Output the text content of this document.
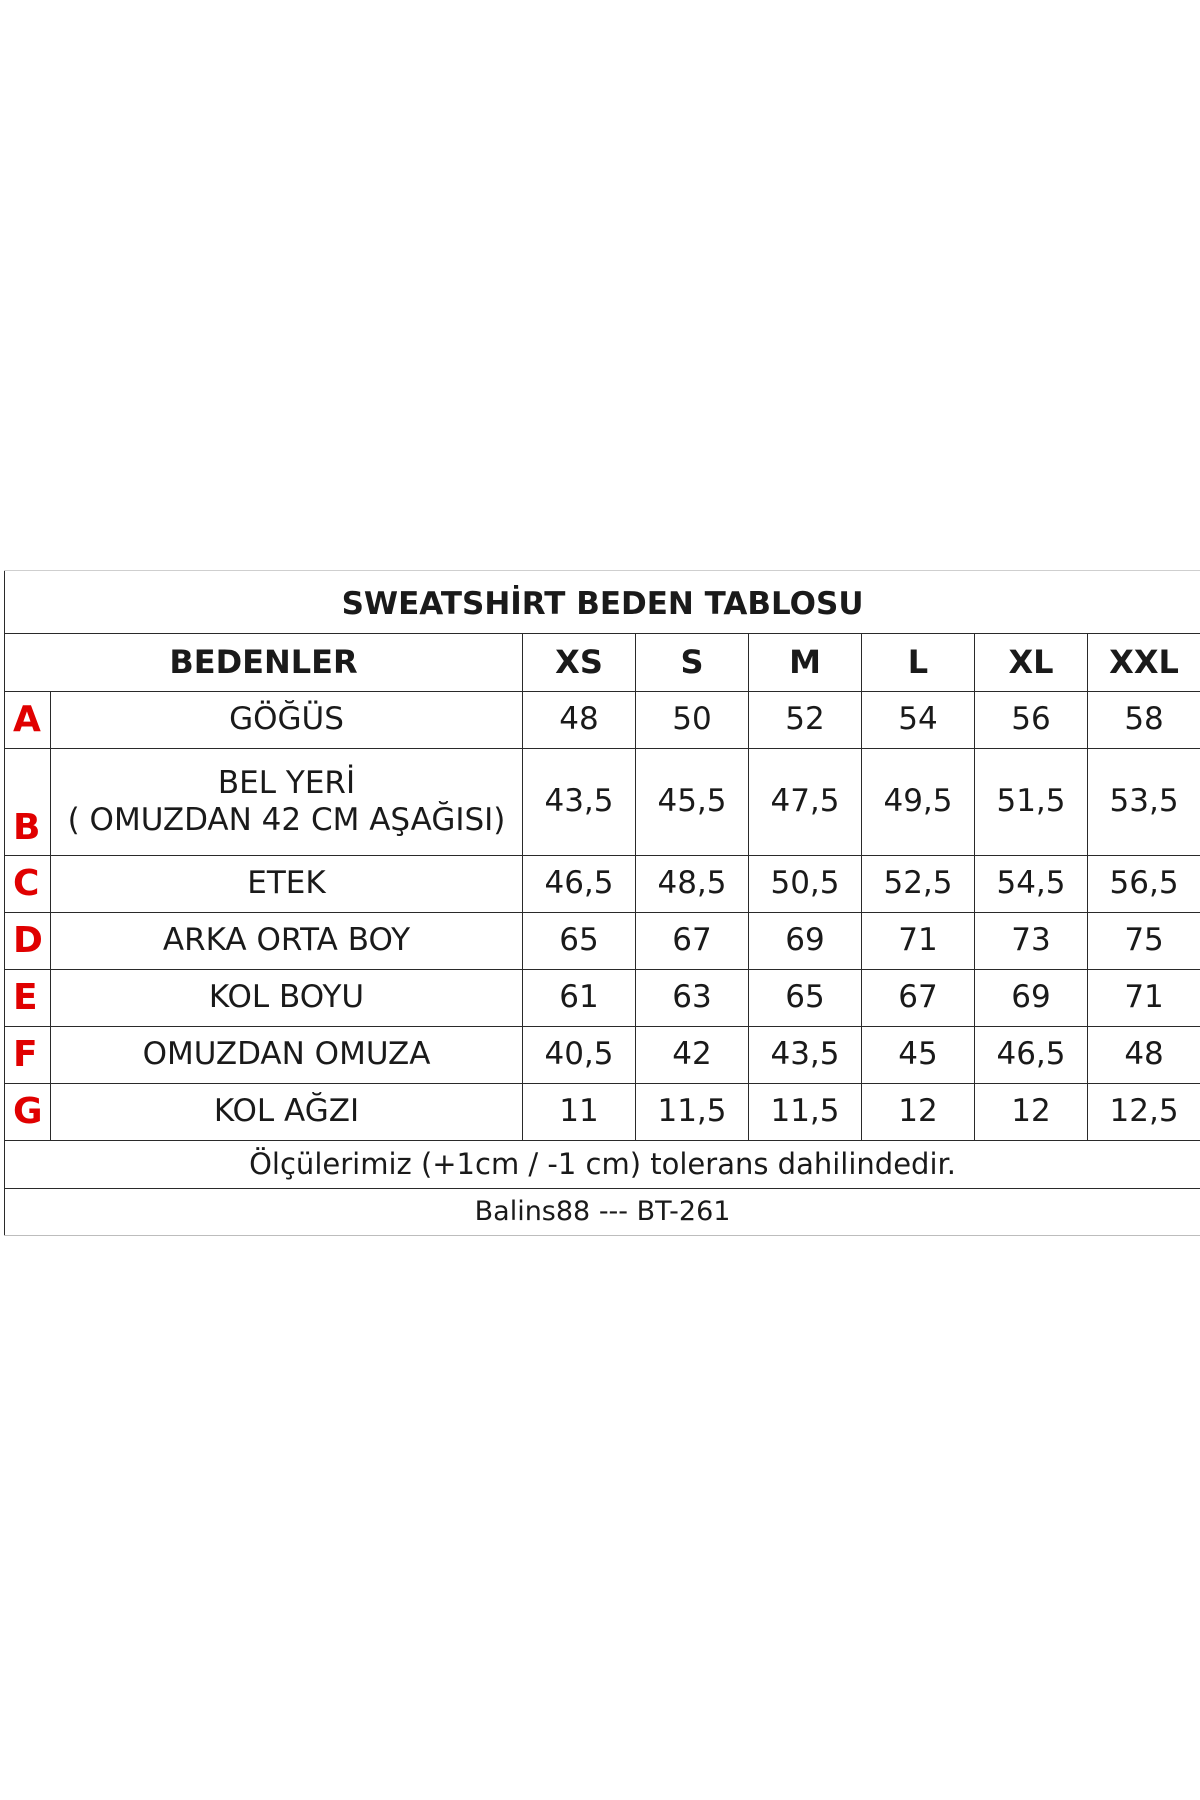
SWEATSHİRT BEDEN TABLOSU							
BEDENLER		XS	S	M	L	XL	XXL
A	GÖĞÜS	48	50	52	54	56	58
B	BEL YERİ
( OMUZDAN 42 CM AŞAĞISI)	43,5	45,5	47,5	49,5	51,5	53,5
C	ETEK	46,5	48,5	50,5	52,5	54,5	56,5
D	ARKA ORTA BOY	65	67	69	71	73	75
E	KOL BOYU	61	63	65	67	69	71
F	OMUZDAN OMUZA	40,5	42	43,5	45	46,5	48
G	KOL AĞZI	11	11,5	11,5	12	12	12,5
Ölçülerimiz (+1cm / -1 cm) tolerans dahilindedir.							
Balins88 --- BT-261							
